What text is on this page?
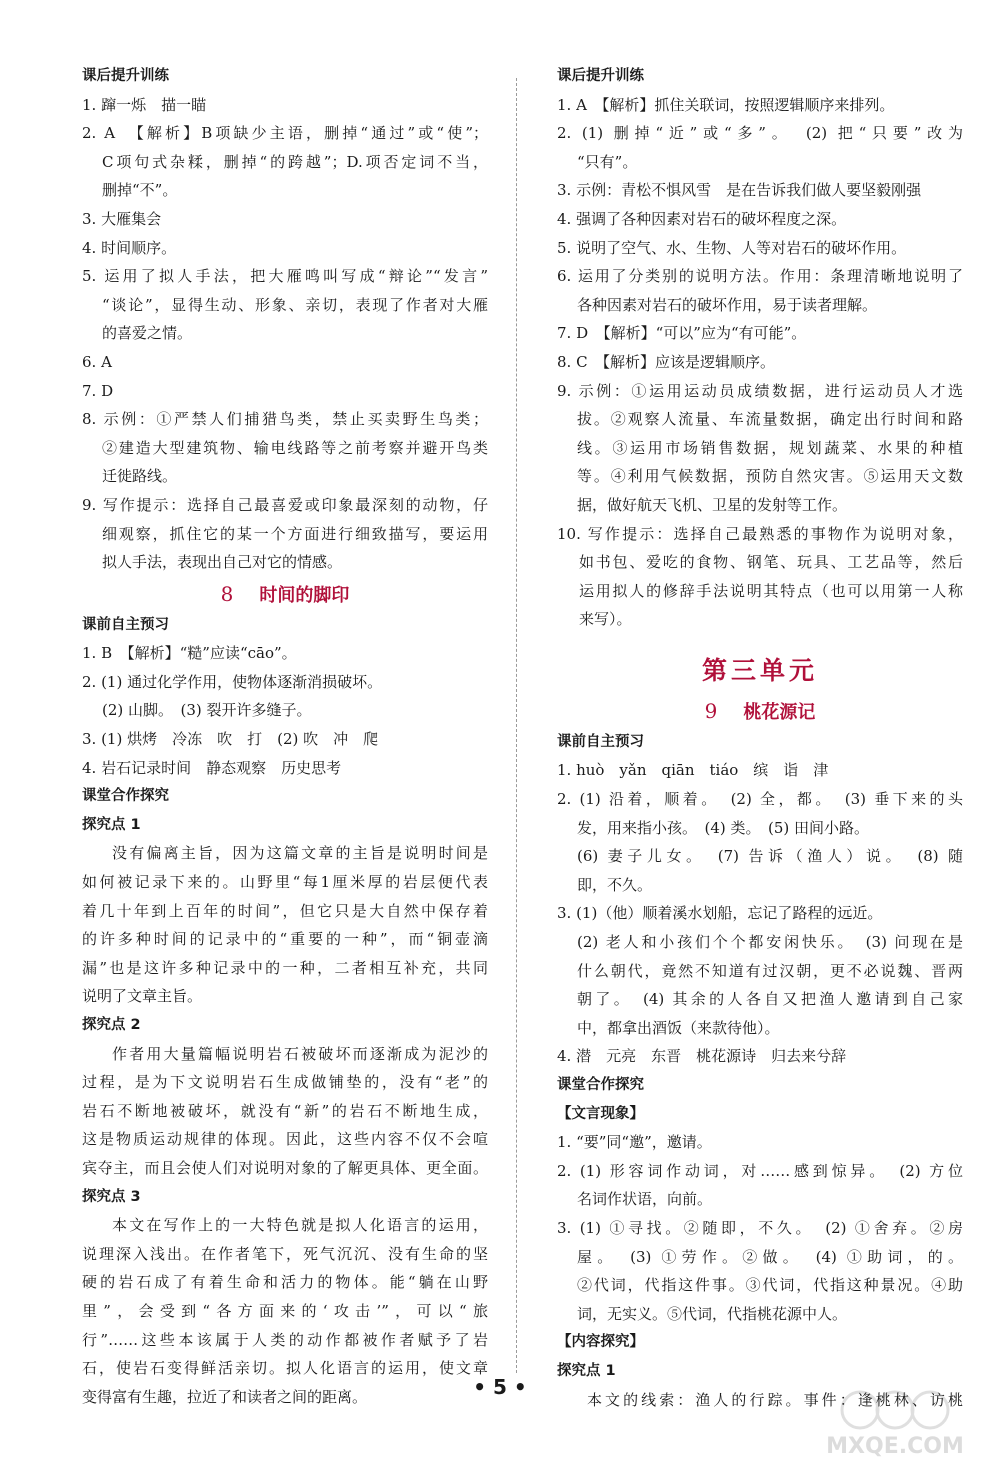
课后提升训练
1. 蹿一烁　描一瞄
2. A　【解析】B项缺少主语，删掉“通过”或“使”；
C项句式杂糅，删掉“的跨越”；D.项否定词不当，
删掉“不”。
3. 大雁集会
4. 时间顺序。
5. 运用了拟人手法，把大雁鸣叫写成“辩论”“发言”
“谈论”，显得生动、形象、亲切，表现了作者对大雁
的喜爱之情。
6. A
7. D
8. 示例：①严禁人们捕猎鸟类，禁止买卖野生鸟类；
②建造大型建筑物、输电线路等之前考察并避开鸟类
迁徙路线。
9. 写作提示：选择自己最喜爱或印象最深刻的动物，仔
细观察，抓住它的某一个方面进行细致描写，要运用
拟人手法，表现出自己对它的情感。
8 时间的脚印
课前自主预习
1. B　【解析】“糙”应读“cāo”。
2. (1) 通过化学作用，使物体逐渐消损破坏。
(2) 山脚。　(3) 裂开许多缝子。
3. (1) 烘烤　冷冻　吹　打　(2) 吹　冲　爬
4. 岩石记录时间　静态观察　历史思考
课堂合作探究
探究点 1
没有偏离主旨，因为这篇文章的主旨是说明时间是
如何被记录下来的。山野里“每1厘米厚的岩层便代表
着几十年到上百年的时间”，但它只是大自然中保存着
的许多种时间的记录中的“重要的一种”，而“铜壶滴
漏”也是这许多种记录中的一种，二者相互补充，共同
说明了文章主旨。
探究点 2
作者用大量篇幅说明岩石被破坏而逐渐成为泥沙的
过程，是为下文说明岩石生成做铺垫的，没有“老”的
岩石不断地被破坏，就没有“新”的岩石不断地生成，
这是物质运动规律的体现。因此，这些内容不仅不会喧
宾夺主，而且会使人们对说明对象的了解更具体、更全面。
探究点 3
本文在写作上的一大特色就是拟人化语言的运用，
说理深入浅出。在作者笔下，死气沉沉、没有生命的坚
硬的岩石成了有着生命和活力的物体。能“躺在山野
里”，会受到“各方面来的‘攻击’”，可以“旅
行”……这些本该属于人类的动作都被作者赋予了岩
石，使岩石变得鲜活亲切。拟人化语言的运用，使文章
变得富有生趣，拉近了和读者之间的距离。
课后提升训练
1. A　【解析】抓住关联词，按照逻辑顺序来排列。
2. (1) 删掉“近”或“多”。　(2) 把“只要”改为
“只有”。
3. 示例：青松不惧风雪　是在告诉我们做人要坚毅刚强
4. 强调了各种因素对岩石的破坏程度之深。
5. 说明了空气、水、生物、人等对岩石的破坏作用。
6. 运用了分类别的说明方法。作用：条理清晰地说明了
各种因素对岩石的破坏作用，易于读者理解。
7. D　【解析】“可以”应为“有可能”。
8. C　【解析】应该是逻辑顺序。
9. 示例：①运用运动员成绩数据，进行运动员人才选
拔。②观察人流量、车流量数据，确定出行时间和路
线。③运用市场销售数据，规划蔬菜、水果的种植
等。④利用气候数据，预防自然灾害。⑤运用天文数
据，做好航天飞机、卫星的发射等工作。
10. 写作提示：选择自己最熟悉的事物作为说明对象，
如书包、爱吃的食物、钢笔、玩具、工艺品等，然后
运用拟人的修辞手法说明其特点（也可以用第一人称
来写）。
第三单元
9 桃花源记
课前自主预习
1. huò　yǎn　qiān　tiáo　缤　诣　津
2. (1) 沿着，顺着。　(2) 全，都。　(3) 垂下来的头
发，用来指小孩。　(4) 类。　(5) 田间小路。
(6) 妻子儿女。　(7) 告诉（渔人）说。　(8) 随
即，不久。
3. (1)（他）顺着溪水划船，忘记了路程的远近。
(2) 老人和小孩们个个都安闲快乐。　(3) 问现在是
什么朝代，竟然不知道有过汉朝，更不必说魏、晋两
朝了。　(4) 其余的人各自又把渔人邀请到自己家
中，都拿出酒饭（来款待他）。
4. 潜　元亮　东晋　桃花源诗　归去来兮辞
课堂合作探究
【文言现象】
1. “要”同“邀”，邀请。
2. (1) 形容词作动词，对……感到惊异。　(2) 方位
名词作状语，向前。
3. (1) ①寻找。②随即，不久。　(2) ①舍弃。②房
屋。　(3) ①劳作。②做。　(4) ①助词，的。
②代词，代指这件事。③代词，代指这种景况。④助
词，无实义。⑤代词，代指桃花源中人。
【内容探究】
探究点 1
本文的线索：渔人的行踪。事件：逢桃林、访桃
• 5 •
MXQE.COM
